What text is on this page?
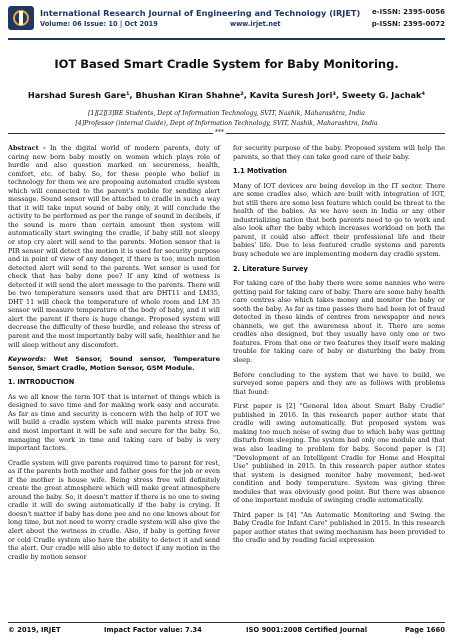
International Research Journal of Engineering and Technology (IRJET)
Volume: 06 Issue: 10 | Oct 2019	www.irjet.net
e-ISSN: 2395-0056
p-ISSN: 2395-0072
IOT Based Smart Cradle System for Baby Monitoring.
Harshad Suresh Gare¹, Bhushan Kiran Shahne², Kavita Suresh Jori³, Sweety G. Jachak⁴
[1][2][3]BE Students, Dept of Information Technology, SVIT, Nashik, Maharashtra, India
[4]Professor (internal Guide), Dept of Information Technology, SVIT, Nashik, Maharashtra, India
***

Abstract - In the digital world of modern parents, duty of caring new born baby mostly on women which plays role of hurdle and also question marked on secureness, health, comfort, etc. of baby. So, for these people who belief in technology for them we are proposing automated cradle system which will connected to the parent's mobile for sending alert message. Sound sensor will be attached to cradle in such a way that it will take input sound of baby only, it will conclude the activity to be performed as per the range of sound in decibels, if the sound is more than certain amount then system will automatically start swinging the cradle, if baby still not sleepy or stop cry alert will send to the parents. Motion sensor that is PIR sensor will detect the motion it is used for security purpose and in point of view of any danger, if there is too, much motion detected alert will send to the parents. Wet sensor is used for check that has baby done pee? If any kind of wetness is detected it will send the alert message to the parents. There will be two temperature sensors used that are DHT11 and LM35, DHT 11 will check the temperature of whole room and LM 35 sensor will measure temperature of the body of baby, and it will alert the parent if there is huge change. Proposed system will decrease the difficulty of these hurdle, and release the stress of parent and the most importantly baby will safe, healthier and he will sleep without any discomfort.

Keywords: Wet Sensor, Sound sensor, Temperature Sensor, Smart Cradle, Motion Sensor, GSM Module.

1. INTRODUCTION

As we all know the term IOT that is internet of things which is designed to save time and for making work easy and accurate. As far as time and security is concern with the help of IOT we will build a cradle system which will make parents stress free and most important it will be safe and secure for the baby. So, managing the work in time and taking care of baby is very important factors.

Cradle system will give parents required time to parent for rest, as if the parents both mother and father goes for the job or even if the mother is house wife. Being stress free will definitely create the great atmosphere which will make great atmosphere around the baby. So, it doesn't matter if there is no one to swing cradle it will do swing automatically if the baby is crying. It doesn't matter if baby has done pee and no one knows about for long time, but not need to worry cradle system will also give the alert about the wetness in cradle. Also, if baby is getting fever or cold Cradle system also have the ability to detect it and send the alert. Our cradle will also able to detect if any motion in the cradle by motion sensor

for security purpose of the baby. Proposed system will help the parents, so that they can take good care of their baby.

1.1 Motivation

Many of IOT devices are being develop in the IT sector. There are some cradles also, which are built with integration of IOT, but still there are some less feature which could be threat to the health of the babies. As we have seen in India or any other industrializing nation that both parents need to go to work and also look after the baby which increases workload on both the parent, it could also affect their professional life and their babies' life. Due to less featured cradle systems and parents busy schedule we are implementing modern day cradle system.

2. Literature Survey

For taking care of the baby there were some nannies who were getting paid for taking care of baby. There are some baby health care centres also which takes money and monitor the baby or sooth the baby. As far as time passes there had been lot of fraud detected in these kinds of centres from newspaper and news channels, we get the awareness about it. There are some cradles also designed, but they usually have only one or two features. From that one or two features they itself were making trouble for taking care of baby or disturbing the baby from sleep.

Before concluding to the system that we have to build, we surveyed some papers and they are as follows with problems that found:

First paper is [2] "General Idea about Smart Baby Cradle" published in 2016. In this research paper author state that cradle will swing automatically. But proposed system was making too much noise of swing due to which baby was getting disturb from sleeping. The system had only one module and that was also leading to problem for baby. Second paper is [3] "Development of an Intelligent Cradle for Home and Hospital Use" published in 2015. In this research paper author states that system is designed monitor baby movement, bed-wet condition and body temperature. System was giving three modules that was obviously good point. But there was absence of one important module of swinging cradle automatically.

Third paper is [4] "An Automatic Monitoring and Swing the Baby Cradle for Infant Care" published in 2015. In this research paper author states that swing mechanism has been provided to the cradle and by reading facial expression

© 2019, IRJET	Impact Factor value: 7.34	ISO 9001:2008 Certified Journal	Page 1660
